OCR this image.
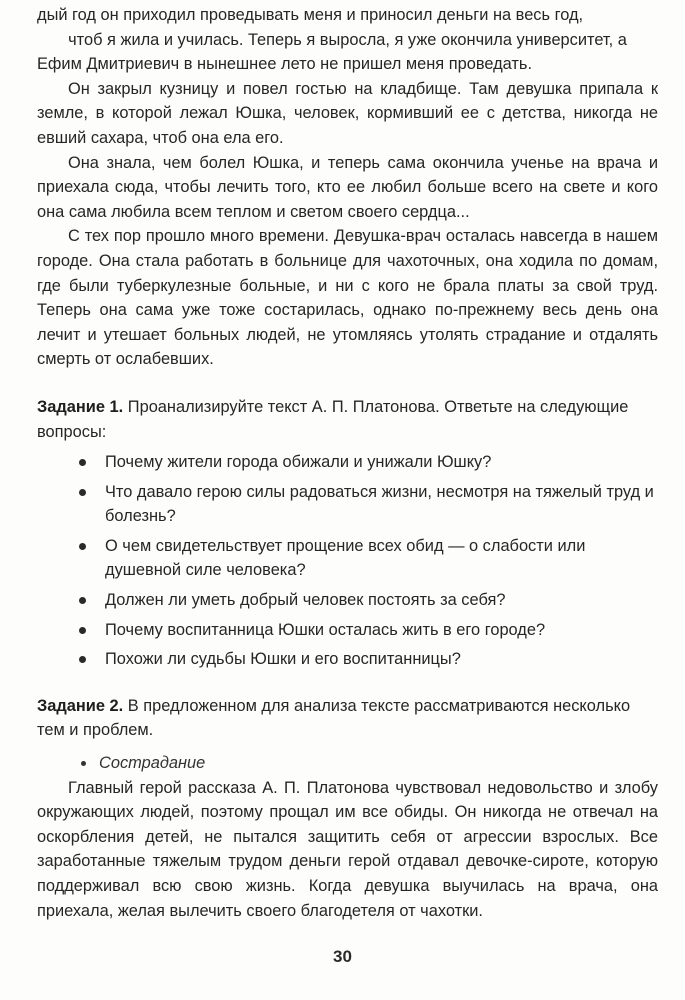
дый год он приходил проведывать меня и приносил деньги на весь год,

чтоб я жила и училась. Теперь я выросла, я уже окончила университет, а

Ефим Дмитриевич в нынешнее лето не пришел меня проведать.

Он закрыл кузницу и повел гостью на кладбище. Там девушка припала к земле, в которой лежал Юшка, человек, кормивший ее с детства, никогда не евший сахара, чтоб она ела его.

Она знала, чем болел Юшка, и теперь сама окончила ученье на врача и приехала сюда, чтобы лечить того, кто ее любил больше всего на свете и кого она сама любила всем теплом и светом своего сердца...

С тех пор прошло много времени. Девушка-врач осталась навсегда в нашем городе. Она стала работать в больнице для чахоточных, она ходила по домам, где были туберкулезные больные, и ни с кого не брала платы за свой труд. Теперь она сама уже тоже состарилась, однако по-прежнему весь день она лечит и утешает больных людей, не утомляясь утолять страдание и отдалять смерть от ослабевших.

Задание 1. Проанализируйте текст А. П. Платонова. Ответьте на следующие вопросы:

Почему жители города обижали и унижали Юшку?
Что давало герою силы радоваться жизни, несмотря на тяжелый труд и болезнь?
О чем свидетельствует прощение всех обид — о слабости или душевной силе человека?
Должен ли уметь добрый человек постоять за себя?
Почему воспитанница Юшки осталась жить в его городе?
Похожи ли судьбы Юшки и его воспитанницы?

Задание 2. В предложенном для анализа тексте рассматриваются несколько тем и проблем.

Сострадание

Главный герой рассказа А. П. Платонова чувствовал недовольство и злобу окружающих людей, поэтому прощал им все обиды. Он никогда не отвечал на оскорбления детей, не пытался защитить себя от агрессии взрослых. Все заработанные тяжелым трудом деньги герой отдавал девочке-сироте, которую поддерживал всю свою жизнь. Когда девушка выучилась на врача, она приехала, желая вылечить своего благодетеля от чахотки.

30
